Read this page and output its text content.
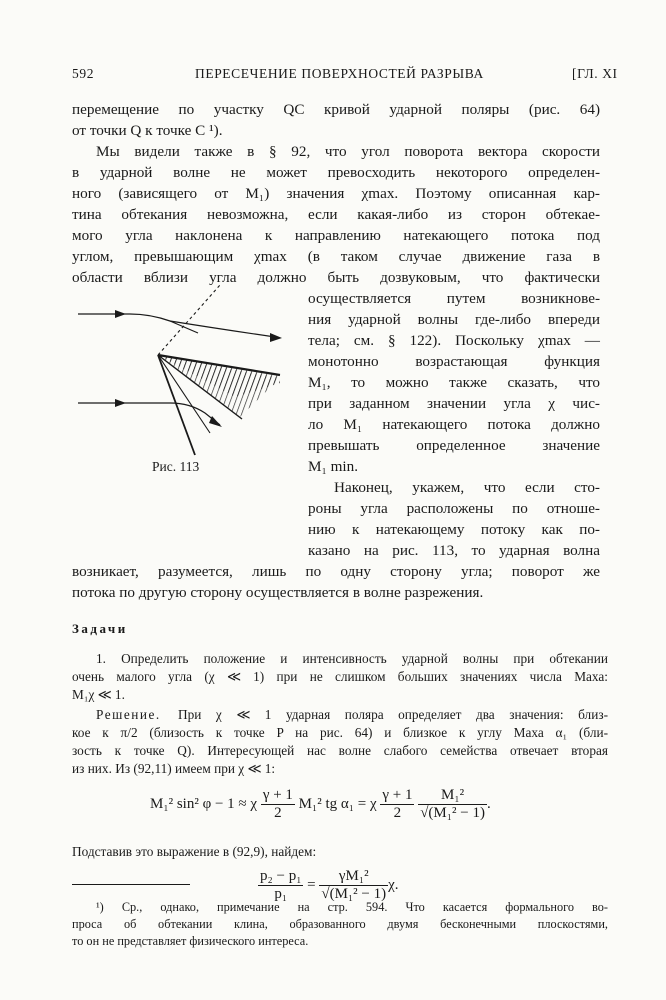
592	ПЕРЕСЕЧЕНИЕ ПОВЕРХНОСТЕЙ РАЗРЫВА	[ГЛ. XI
перемещение по участку QC кривой ударной поляры (рис. 64)
от точки Q к точке C ¹).
Мы видели также в § 92, что угол поворота вектора скорости
в ударной волне не может превосходить некоторого определен-
ного (зависящего от M₁) значения χmax. Поэтому описанная кар-
тина обтекания невозможна, если какая-либо из сторон обтекае-
мого угла наклонена к направлению натекающего потока под
углом, превышающим χmax (в таком случае движение газа в
области вблизи угла должно быть дозвуковым, что фактически
Рис. 113
осуществляется путем возникнове-
ния ударной волны где-либо впереди
тела; см. § 122). Поскольку χmax —
монотонно возрастающая функция
M₁, то можно также сказать, что
при заданном значении угла χ чис-
ло M₁ натекающего потока должно
превышать определенное значение
M₁ min.
Наконец, укажем, что если сто-
роны угла расположены по отноше-
нию к натекающему потоку как по-
казано на рис. 113, то ударная волна
возникает, разумеется, лишь по одну сторону угла; поворот же
потока по другую сторону осуществляется в волне разрежения.
Задачи
1. Определить положение и интенсивность ударной волны при обтекании
очень малого угла (χ ≪ 1) при не слишком больших значениях числа Маха:
M₁χ ≪ 1.
Решение. При χ ≪ 1 ударная поляра определяет два значения: близ-
кое к π/2 (близость к точке P на рис. 64) и близкое к углу Маха α₁ (бли-
зость к точке Q). Интересующей нас волне слабого семейства отвечает вторая
из них. Из (92,11) имеем при χ ≪ 1:
M₁² sin² φ − 1 ≈ χ $\frac{\gamma + 1}{2} M_1^2$ tg α₁ = χ $\frac{\gamma + 1}{2}$
$\frac{\text{M₁²}}{\text{√(M₁² − 1)}}$ .
Подставив это выражение в (92,9), найдем:
$\frac{\text{p₂ − p₁}}{\text{p₁}} = \frac{\text{γM₁²}}{\text{√(M₁² − 1)}} \chi$.
¹) Ср., однако, примечание на стр. 594. Что касается формального во-
проса об обтекании клина, образованного двумя бесконечными плоскостями,
то он не представляет физического интереса.
